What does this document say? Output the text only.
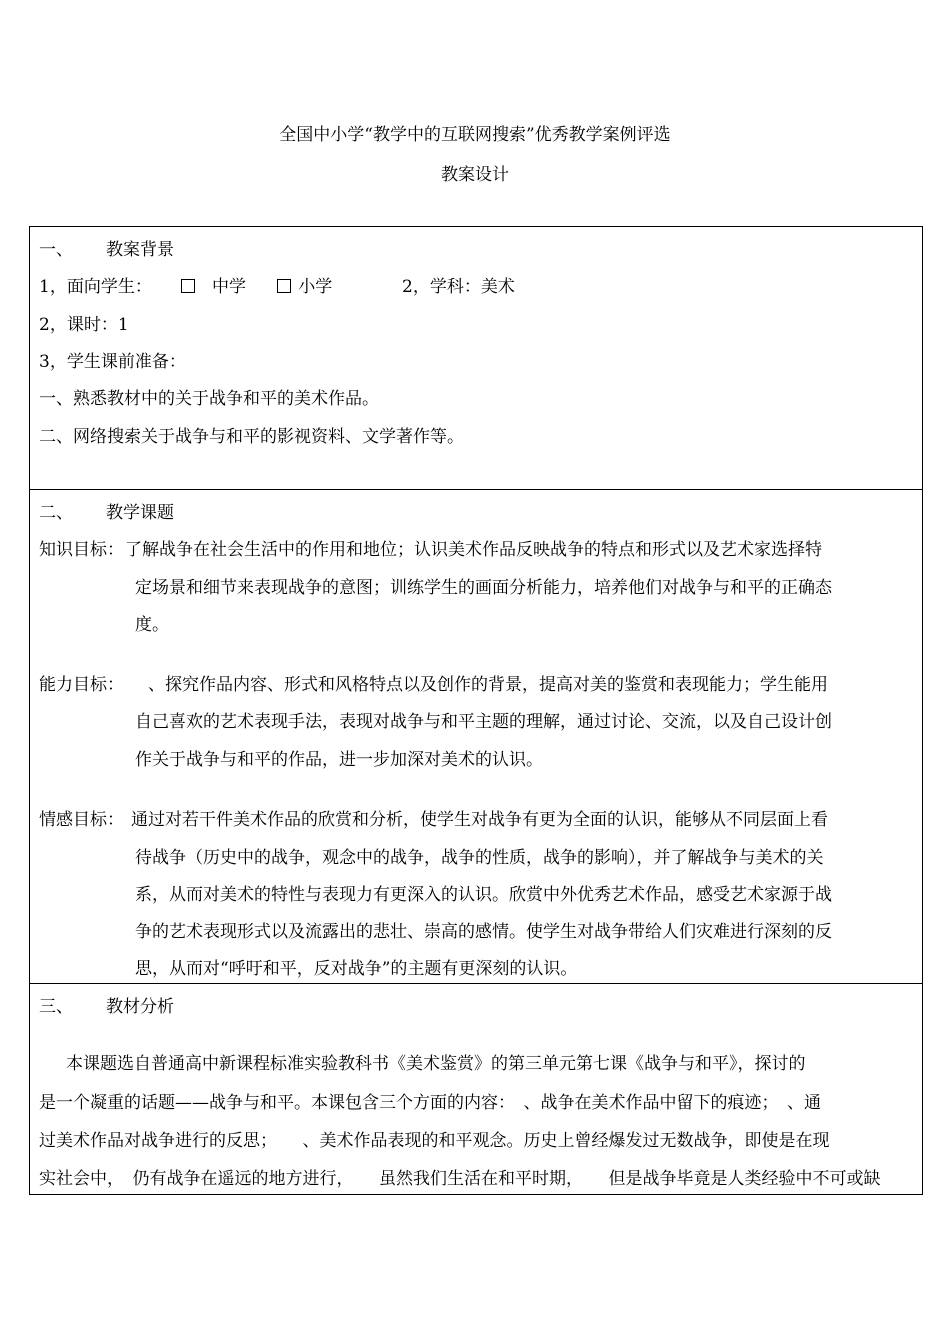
全国中小学“教学中的互联网搜索”优秀教学案例评选
教案设计
一、 教案背景
1，面向学生：	中学	小学	2，学科：美术
2，课时：1
3，学生课前准备：
一、熟悉教材中的关于战争和平的美术作品。
二、网络搜索关于战争与和平的影视资料、文学著作等。
二、 教学课题
知识目标： 了解战争在社会生活中的作用和地位；认识美术作品反映战争的特点和形式以及艺术家选择特
定场景和细节来表现战争的意图；训练学生的画面分析能力，培养他们对战争与和平的正确态
度。
能力目标： 、探究作品内容、形式和风格特点以及创作的背景，提高对美的鉴赏和表现能力；学生能用
自己喜欢的艺术表现手法，表现对战争与和平主题的理解，通过讨论、交流，以及自己设计创
作关于战争与和平的作品，进一步加深对美术的认识。
情感目标： 通过对若干件美术作品的欣赏和分析，使学生对战争有更为全面的认识，能够从不同层面上看
待战争（历史中的战争，观念中的战争，战争的性质，战争的影响），并了解战争与美术的关
系，从而对美术的特性与表现力有更深入的认识。欣赏中外优秀艺术作品，感受艺术家源于战
争的艺术表现形式以及流露出的悲壮、崇高的感情。使学生对战争带给人们灾难进行深刻的反
思，从而对“呼吁和平，反对战争”的主题有更深刻的认识。
三、 教材分析
本课题选自普通高中新课程标准实验教科书《美术鉴赏》的第三单元第七课《战争与和平》，探讨的
是一个凝重的话题——战争与和平。本课包含三个方面的内容：　、战争在美术作品中留下的痕迹；　、通
过美术作品对战争进行的反思；　　、美术作品表现的和平观念。历史上曾经爆发过无数战争，即使是在现
实社会中，　仍有战争在遥远的地方进行，　　虽然我们生活在和平时期，　　但是战争毕竟是人类经验中不可或缺
